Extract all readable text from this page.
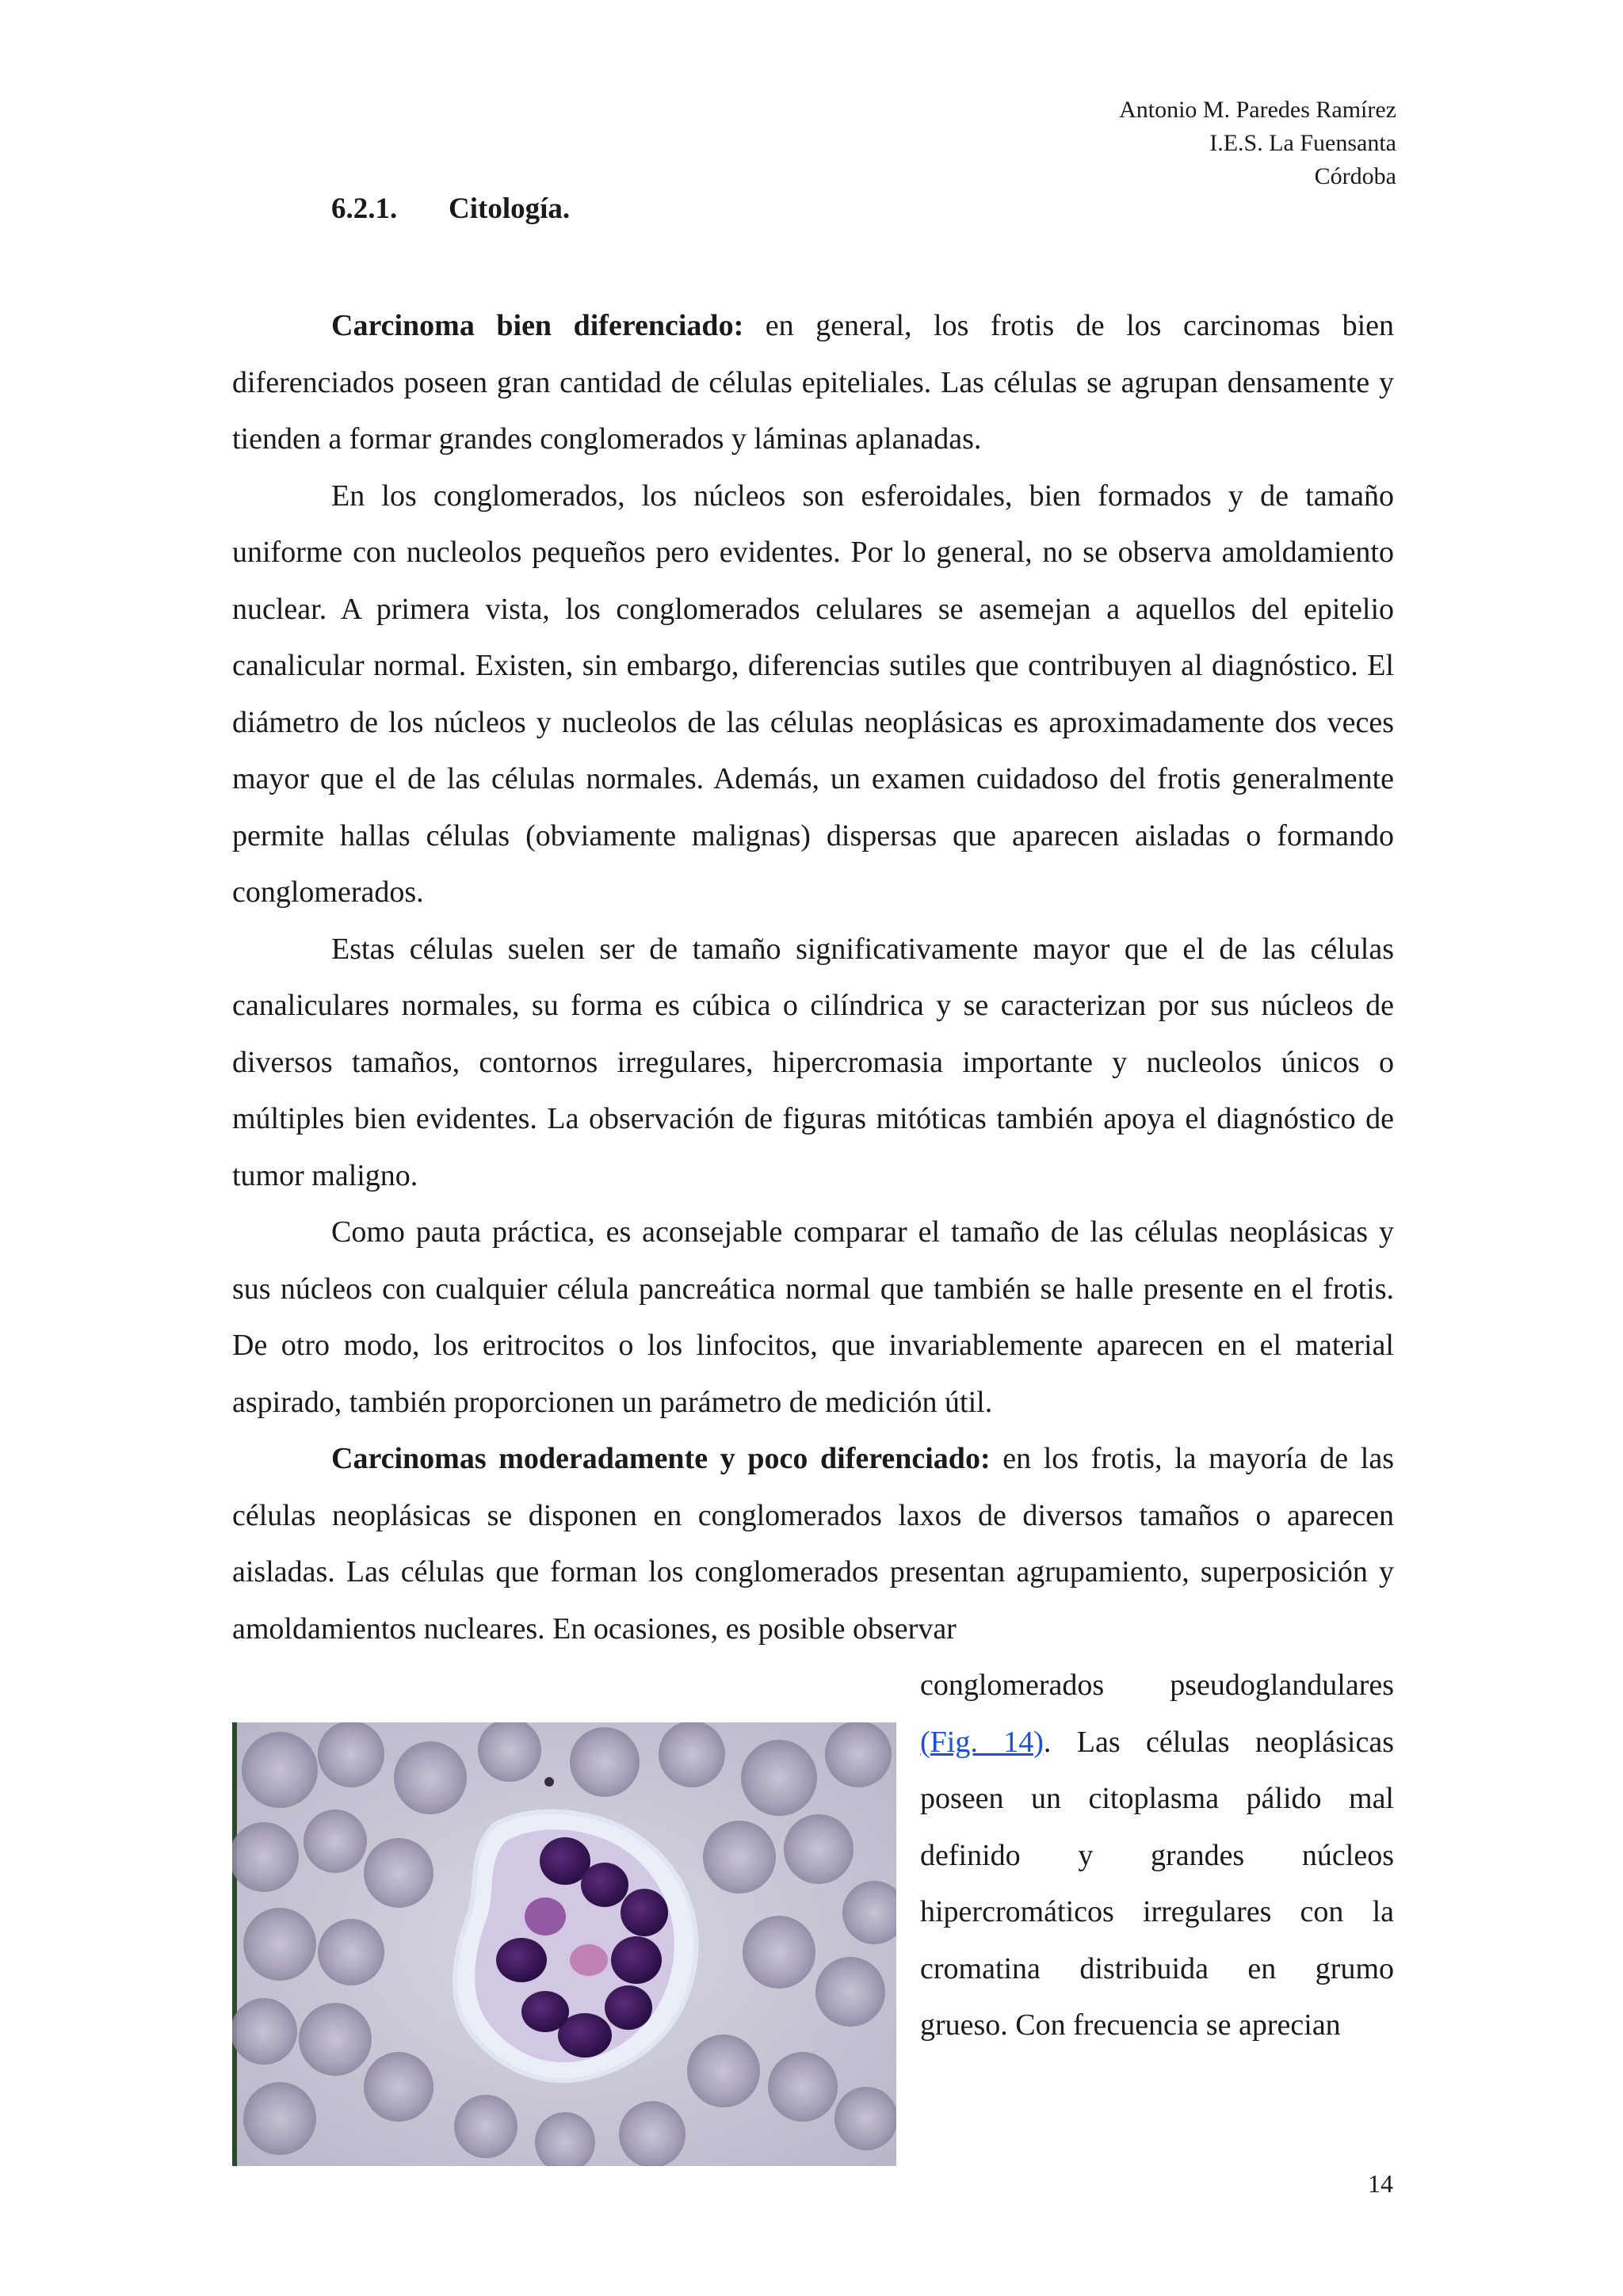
Antonio M. Paredes Ramírez
I.E.S. La Fuensanta
Córdoba
6.2.1. Citología.

Carcinoma bien diferenciado: en general, los frotis de los carcinomas bien diferenciados poseen gran cantidad de células epiteliales. Las células se agrupan densamente y tienden a formar grandes conglomerados y láminas aplanadas.

En los conglomerados, los núcleos son esferoidales, bien formados y de tamaño uniforme con nucleolos pequeños pero evidentes. Por lo general, no se observa amoldamiento nuclear. A primera vista, los conglomerados celulares se asemejan a aquellos del epitelio canalicular normal. Existen, sin embargo, diferencias sutiles que contribuyen al diagnóstico. El diámetro de los núcleos y nucleolos de las células neoplásicas es aproximadamente dos veces mayor que el de las células normales. Además, un examen cuidadoso del frotis generalmente permite hallas células (obviamente malignas) dispersas que aparecen aisladas o formando conglomerados.

Estas células suelen ser de tamaño significativamente mayor que el de las células canaliculares normales, su forma es cúbica o cilíndrica y se caracterizan por sus núcleos de diversos tamaños, contornos irregulares, hipercromasia importante y nucleolos únicos o múltiples bien evidentes. La observación de figuras mitóticas también apoya el diagnóstico de tumor maligno.

Como pauta práctica, es aconsejable comparar el tamaño de las células neoplásicas y sus núcleos con cualquier célula pancreática normal que también se halle presente en el frotis. De otro modo, los eritrocitos o los linfocitos, que invariablemente aparecen en el material aspirado, también proporcionen un parámetro de medición útil.

Carcinomas moderadamente y poco diferenciado: en los frotis, la mayoría de las células neoplásicas se disponen en conglomerados laxos de diversos tamaños o aparecen aisladas. Las células que forman los conglomerados presentan agrupamiento, superposición y amoldamientos nucleares. En ocasiones, es posible observar

conglomerados pseudoglandulares (Fig. 14). Las células neoplásicas poseen un citoplasma pálido mal definido y grandes núcleos hipercromáticos irregulares con la cromatina distribuida en grumo grueso. Con frecuencia se aprecian
14
